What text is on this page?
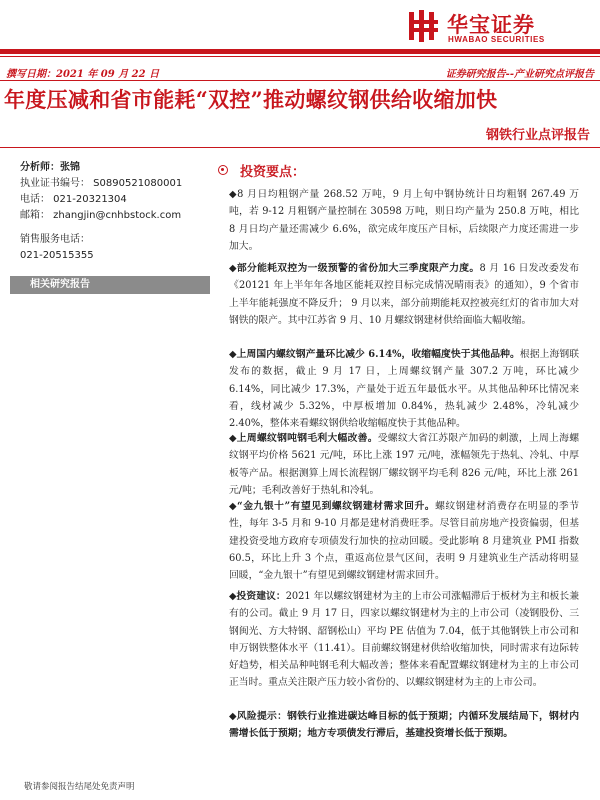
华宝证券
HWABAO SECURITIES
撰写日期：2021 年 09 月 22 日	证券研究报告--产业研究点评报告
年度压减和省市能耗“双控”推动螺纹钢供给收缩加快
钢铁行业点评报告
分析师：张锦
执业证书编号： S0890521080001
电话： 021-20321304
邮箱： zhangjin@cnhbstock.com
销售服务电话：
021-20515355
相关研究报告
投资要点：
◆8 月日均粗钢产量 268.52 万吨，9 月上旬中钢协统计日均粗钢 267.49 万吨，若 9-12 月粗钢产量控制在 30598 万吨，则日均产量为 250.8 万吨，相比 8 月日均产量还需减少 6.6%，欲完成年度压产目标，后续限产力度还需进一步加大。
◆部分能耗双控为一级预警的省份加大三季度限产力度。8 月 16 日发改委发布《20121 年上半年年各地区能耗双控目标完成情况晴雨表》的通知），9 个省市上半年能耗强度不降反升； 9 月以来，部分前期能耗双控被亮红灯的省市加大对钢铁的限产。其中江苏省 9 月、10 月螺纹钢建材供给面临大幅收缩。
◆上周国内螺纹钢产量环比减少 6.14%，收缩幅度快于其他品种。根据上海钢联发布的数据，截止 9 月 17 日，上周螺纹钢产量 307.2 万吨，环比减少 6.14%，同比减少 17.3%，产量处于近五年最低水平。从其他品种环比情况来看，线材减少 5.32%，中厚板增加 0.84%，热轧减少 2.48%，冷轧减少 2.40%，整体来看螺纹钢供给收缩幅度快于其他品种。
◆上周螺纹钢吨钢毛利大幅改善。受螺纹大省江苏限产加码的刺激，上周上海螺纹钢平均价格 5621 元/吨，环比上涨 197 元/吨，涨幅领先于热轧、冷轧、中厚板等产品。根据测算上周长流程钢厂螺纹钢平均毛利 826 元/吨，环比上涨 261 元/吨；毛利改善好于热轧和冷轧。
◆“金九银十”有望见到螺纹钢建材需求回升。螺纹钢建材消费存在明显的季节性，每年 3-5 月和 9-10 月都是建材消费旺季。尽管目前房地产投资偏弱，但基建投资受地方政府专项债发行加快的拉动回暖。受此影响 8 月建筑业 PMI 指数 60.5，环比上升 3 个点，重返高位景气区间，表明 9 月建筑业生产活动将明显回暖，“金九银十”有望见到螺纹钢建材需求回升。
◆投资建议：2021 年以螺纹钢建材为主的上市公司涨幅滞后于板材为主和板长兼有的公司。截止 9 月 17 日，四家以螺纹钢建材为主的上市公司（凌钢股份、三钢闽光、方大特钢、韶钢松山）平均 PE 估值为 7.04，低于其他钢铁上市公司和申万钢铁整体水平（11.41）。目前螺纹钢建材供给收缩加快，同时需求有边际转好趋势，相关品种吨钢毛利大幅改善；整体来看配置螺纹钢建材为主的上市公司正当时。重点关注限产压力较小省份的、以螺纹钢建材为主的上市公司。
◆风险提示：钢铁行业推进碳达峰目标的低于预期；内循环发展结局下，钢材内需增长低于预期；地方专项债发行滞后，基建投资增长低于预期。
敬请参阅报告结尾处免责声明
